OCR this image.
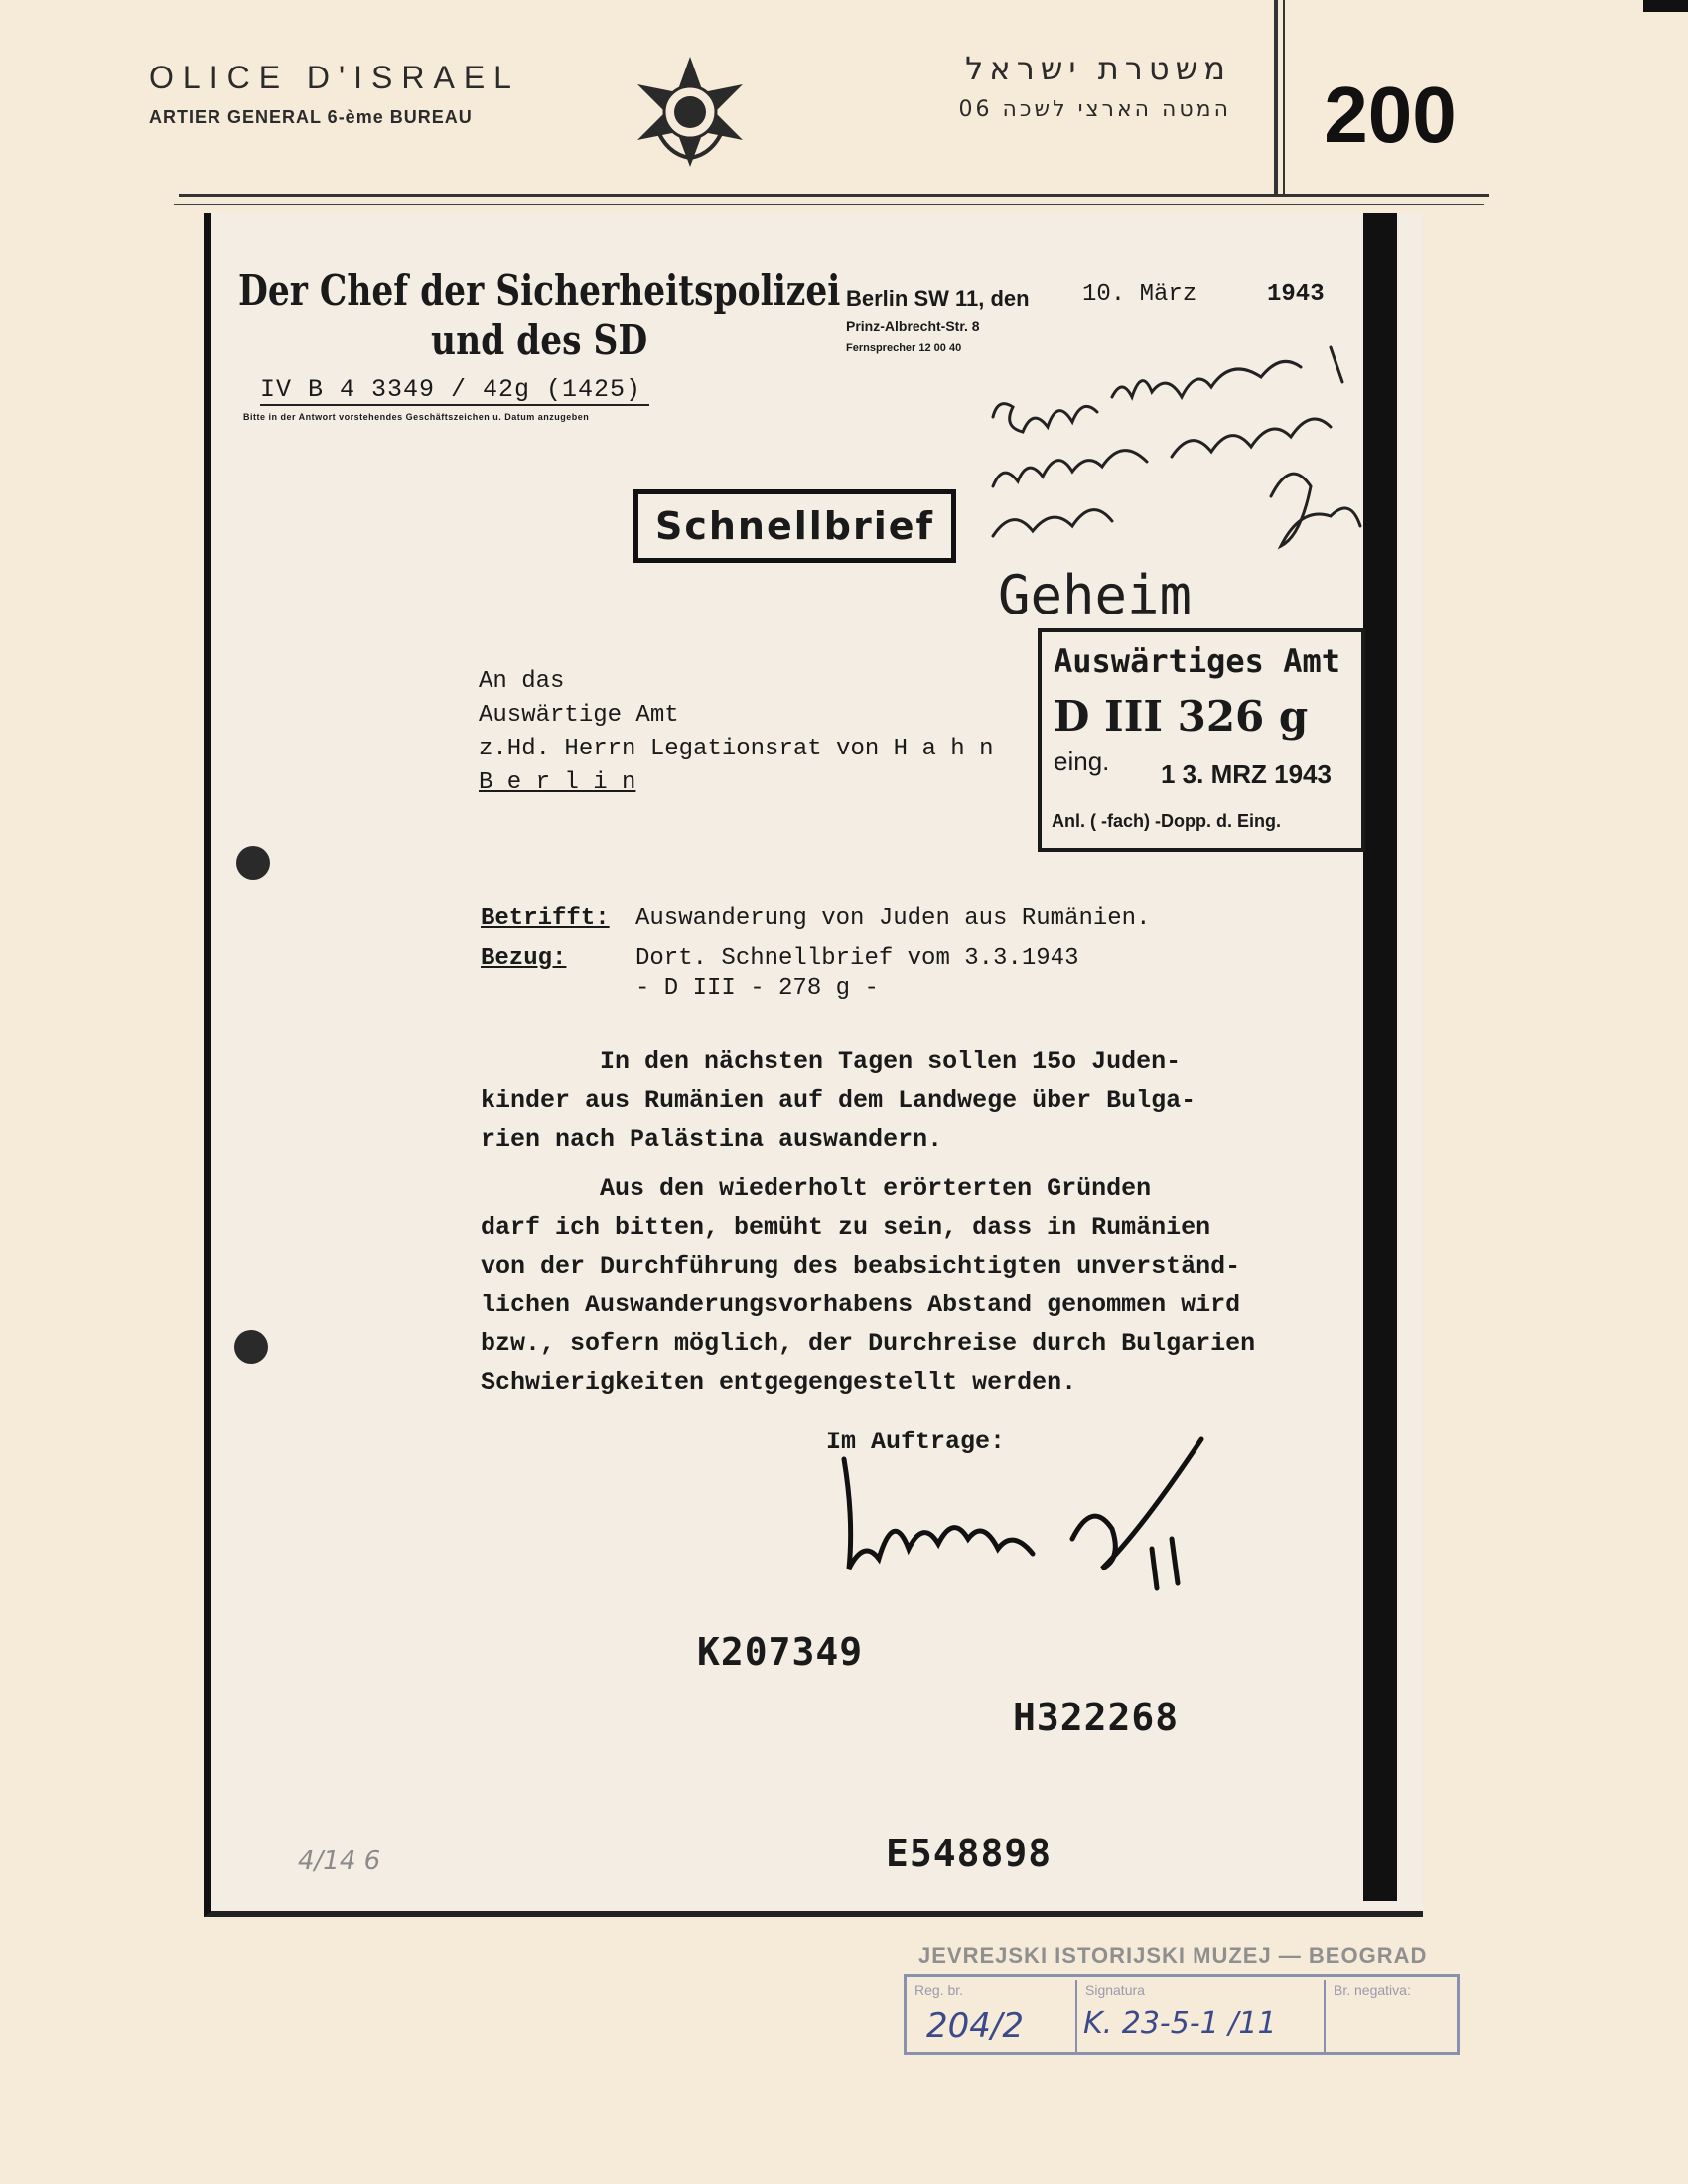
OLICE D'ISRAEL
ARTIER GENERAL 6-ème BUREAU
משטרת ישראל
המטה הארצי לשכה 06	200
Der Chef der Sicherheitspolizei
und des SD
IV B 4 3349 / 42g (1425)
Bitte in der Antwort vorstehendes Geschäftszeichen u. Datum anzugeben
Berlin SW 11, den 10. März	1943
Prinz-Albrecht-Str. 8
Fernsprecher 12 00 40
Schnellbrief
Geheim
Auswärtiges Amt
D III 326 g
eing. 1 3. MRZ 1943
Anl. ( -fach) -Dopp. d. Eing.
An das
Auswärtige Amt
z.Hd. Herrn Legationsrat von H a h n
B e r l i n
Betrifft: Auswanderung von Juden aus Rumänien.
Bezug:	Dort. Schnellbrief vom 3.3.1943
- D III - 278 g -
In den nächsten Tagen sollen 15o Juden-
kinder aus Rumänien auf dem Landwege über Bulga-
rien nach Palästina auswandern.
Aus den wiederholt erörterten Gründen
darf ich bitten, bemüht zu sein, dass in Rumänien
von der Durchführung des beabsichtigten unverständ-
lichen Auswanderungsvorhabens Abstand genommen wird
bzw., sofern möglich, der Durchreise durch Bulgarien
Schwierigkeiten entgegengestellt werden.
Im Auftrage:
K207349
H322268
E548898
4/14 6
JEVREJSKI ISTORIJSKI MUZEJ — BEOGRAD
Reg. br.
204/2
Signatura
K. 23-5-1 /11
Br. negativa:
